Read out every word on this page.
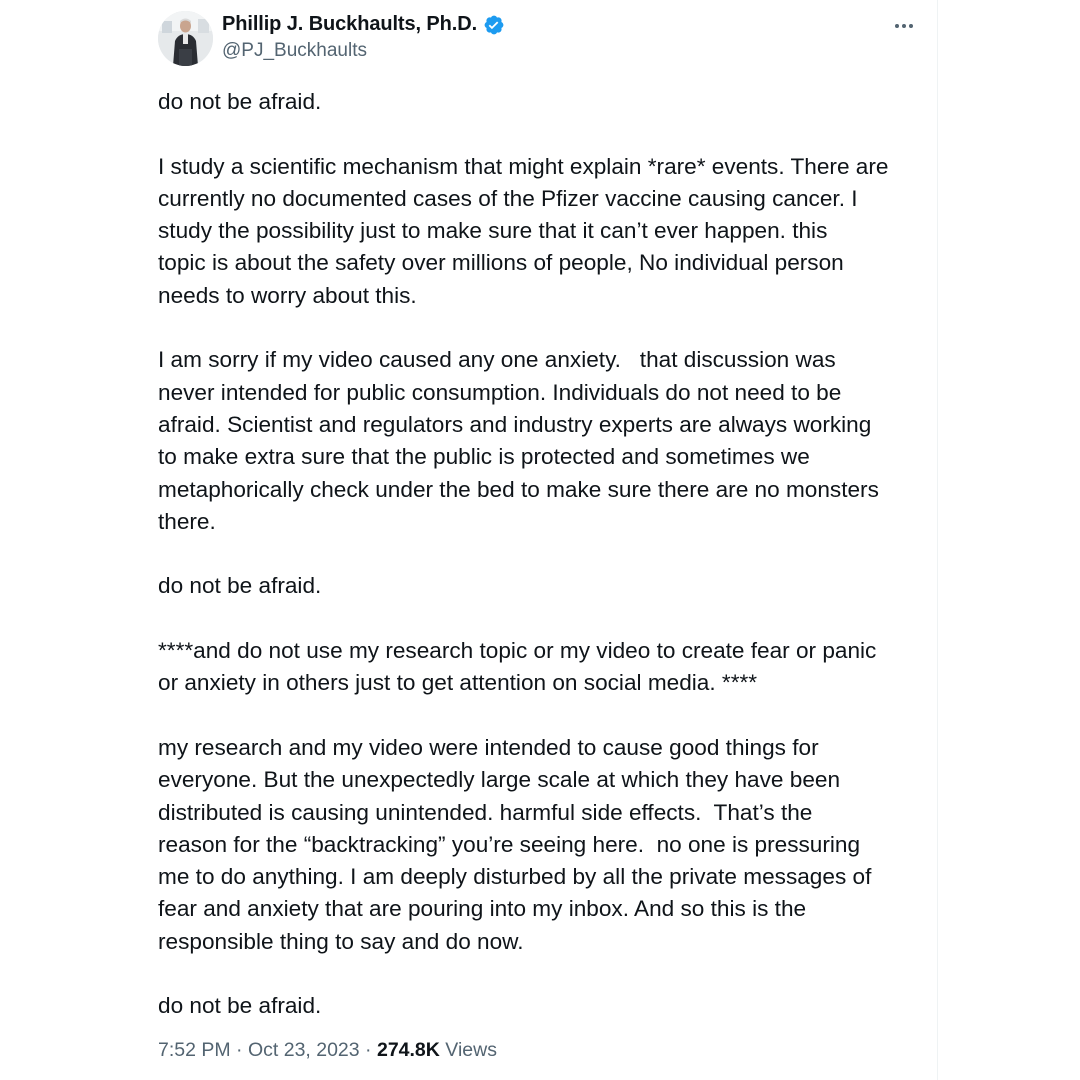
Phillip J. Buckhaults, Ph.D.
@PJ_Buckhaults
do not be afraid.
I study a scientific mechanism that might explain *rare* events. There are
currently no documented cases of the Pfizer vaccine causing cancer. I
study the possibility just to make sure that it can’t ever happen. this
topic is about the safety over millions of people, No individual person
needs to worry about this.
I am sorry if my video caused any one anxiety.   that discussion was
never intended for public consumption. Individuals do not need to be
afraid. Scientist and regulators and industry experts are always working
to make extra sure that the public is protected and sometimes we
metaphorically check under the bed to make sure there are no monsters
there.
do not be afraid.
****and do not use my research topic or my video to create fear or panic
or anxiety in others just to get attention on social media. ****
my research and my video were intended to cause good things for
everyone. But the unexpectedly large scale at which they have been
distributed is causing unintended. harmful side effects.  That’s the
reason for the “backtracking” you’re seeing here.  no one is pressuring
me to do anything. I am deeply disturbed by all the private messages of
fear and anxiety that are pouring into my inbox. And so this is the
responsible thing to say and do now.
do not be afraid.
7:52 PM · Oct 23, 2023 · 274.8K Views
